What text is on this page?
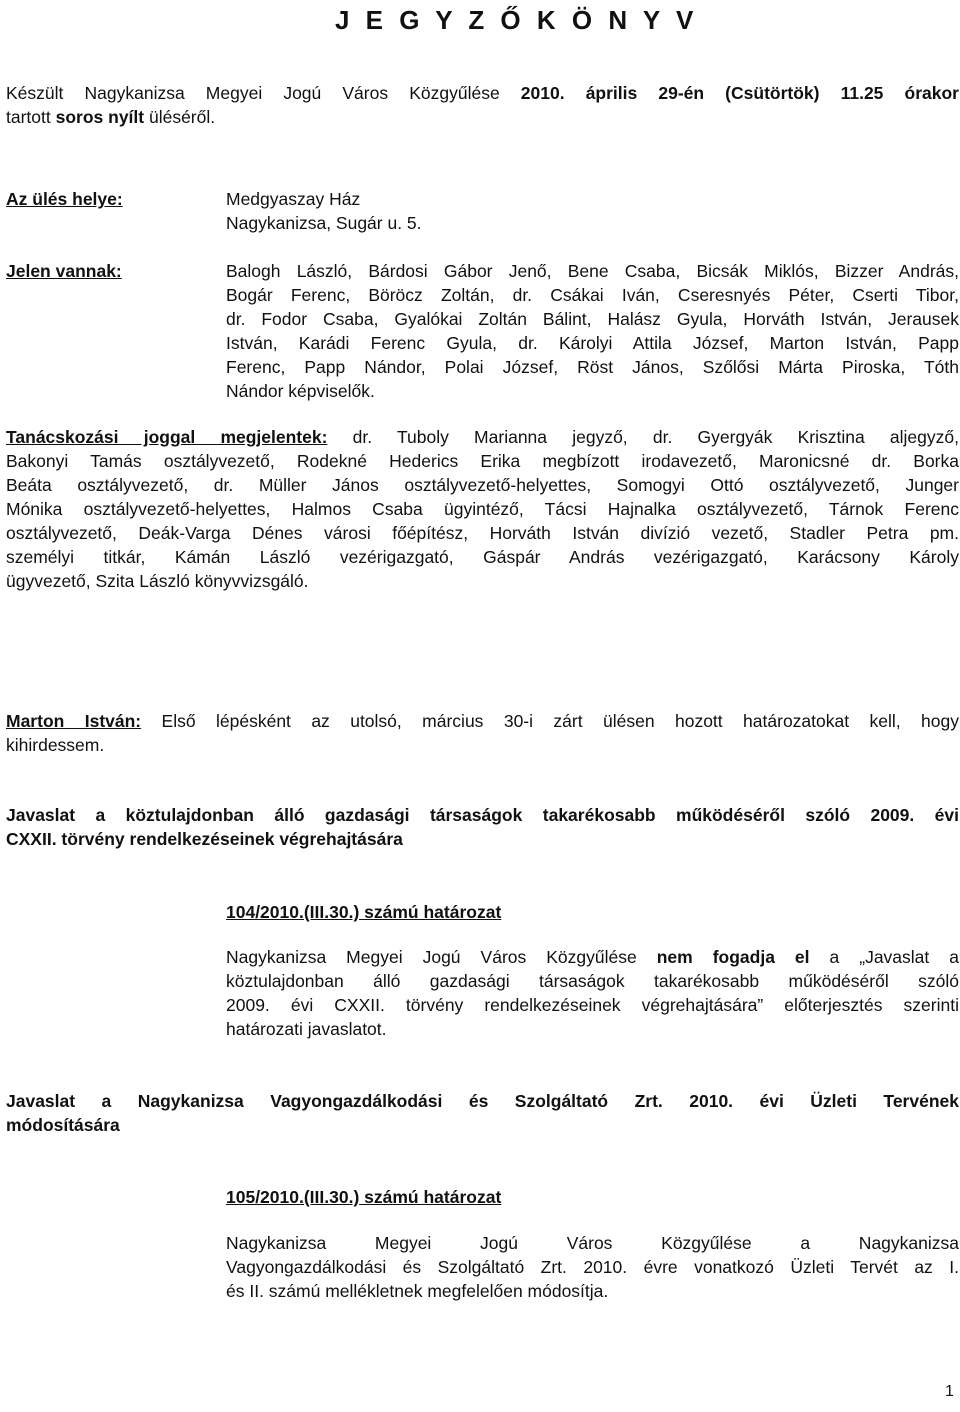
J E G Y Z Ő K Ö N Y V
Készült Nagykanizsa Megyei Jogú Város Közgyűlése 2010. április 29-én (Csütörtök) 11.25 órakor
tartott soros nyílt üléséről.
Az ülés helye:	Medgyaszay Ház
Nagykanizsa, Sugár u. 5.
Jelen vannak:	Balogh László, Bárdosi Gábor Jenő, Bene Csaba, Bicsák Miklós, Bizzer András,
Bogár Ferenc, Böröcz Zoltán, dr. Csákai Iván, Cseresnyés Péter, Cserti Tibor,
dr. Fodor Csaba, Gyalókai Zoltán Bálint, Halász Gyula, Horváth István, Jerausek
István, Karádi Ferenc Gyula, dr. Károlyi Attila József, Marton István, Papp
Ferenc, Papp Nándor, Polai József, Röst János, Szőlősi Márta Piroska, Tóth
Nándor képviselők.
Tanácskozási joggal megjelentek: dr. Tuboly Marianna jegyző, dr. Gyergyák Krisztina aljegyző,
Bakonyi Tamás osztályvezető, Rodekné Hederics Erika megbízott irodavezető, Maronicsné dr. Borka
Beáta osztályvezető, dr. Müller János osztályvezető-helyettes, Somogyi Ottó osztályvezető, Junger
Mónika osztályvezető-helyettes, Halmos Csaba ügyintéző, Tácsi Hajnalka osztályvezető, Tárnok Ferenc
osztályvezető, Deák-Varga Dénes városi főépítész, Horváth István divízió vezető, Stadler Petra pm.
személyi titkár, Kámán László vezérigazgató, Gáspár András vezérigazgató, Karácsony Károly
ügyvezető, Szita László könyvvizsgáló.
Marton István: Első lépésként az utolsó, március 30-i zárt ülésen hozott határozatokat kell, hogy
kihirdessem.
Javaslat a köztulajdonban álló gazdasági társaságok takarékosabb működéséről szóló 2009. évi
CXXII. törvény rendelkezéseinek végrehajtására
104/2010.(III.30.) számú határozat
Nagykanizsa Megyei Jogú Város Közgyűlése nem fogadja el a „Javaslat a
köztulajdonban álló gazdasági társaságok takarékosabb működéséről szóló
2009. évi CXXII. törvény rendelkezéseinek végrehajtására” előterjesztés szerinti
határozati javaslatot.
Javaslat a Nagykanizsa Vagyongazdálkodási és Szolgáltató Zrt. 2010. évi Üzleti Tervének
módosítására
105/2010.(III.30.) számú határozat
Nagykanizsa Megyei Jogú Város Közgyűlése a Nagykanizsa
Vagyongazdálkodási és Szolgáltató Zrt. 2010. évre vonatkozó Üzleti Tervét az I.
és II. számú mellékletnek megfelelően módosítja.
1
